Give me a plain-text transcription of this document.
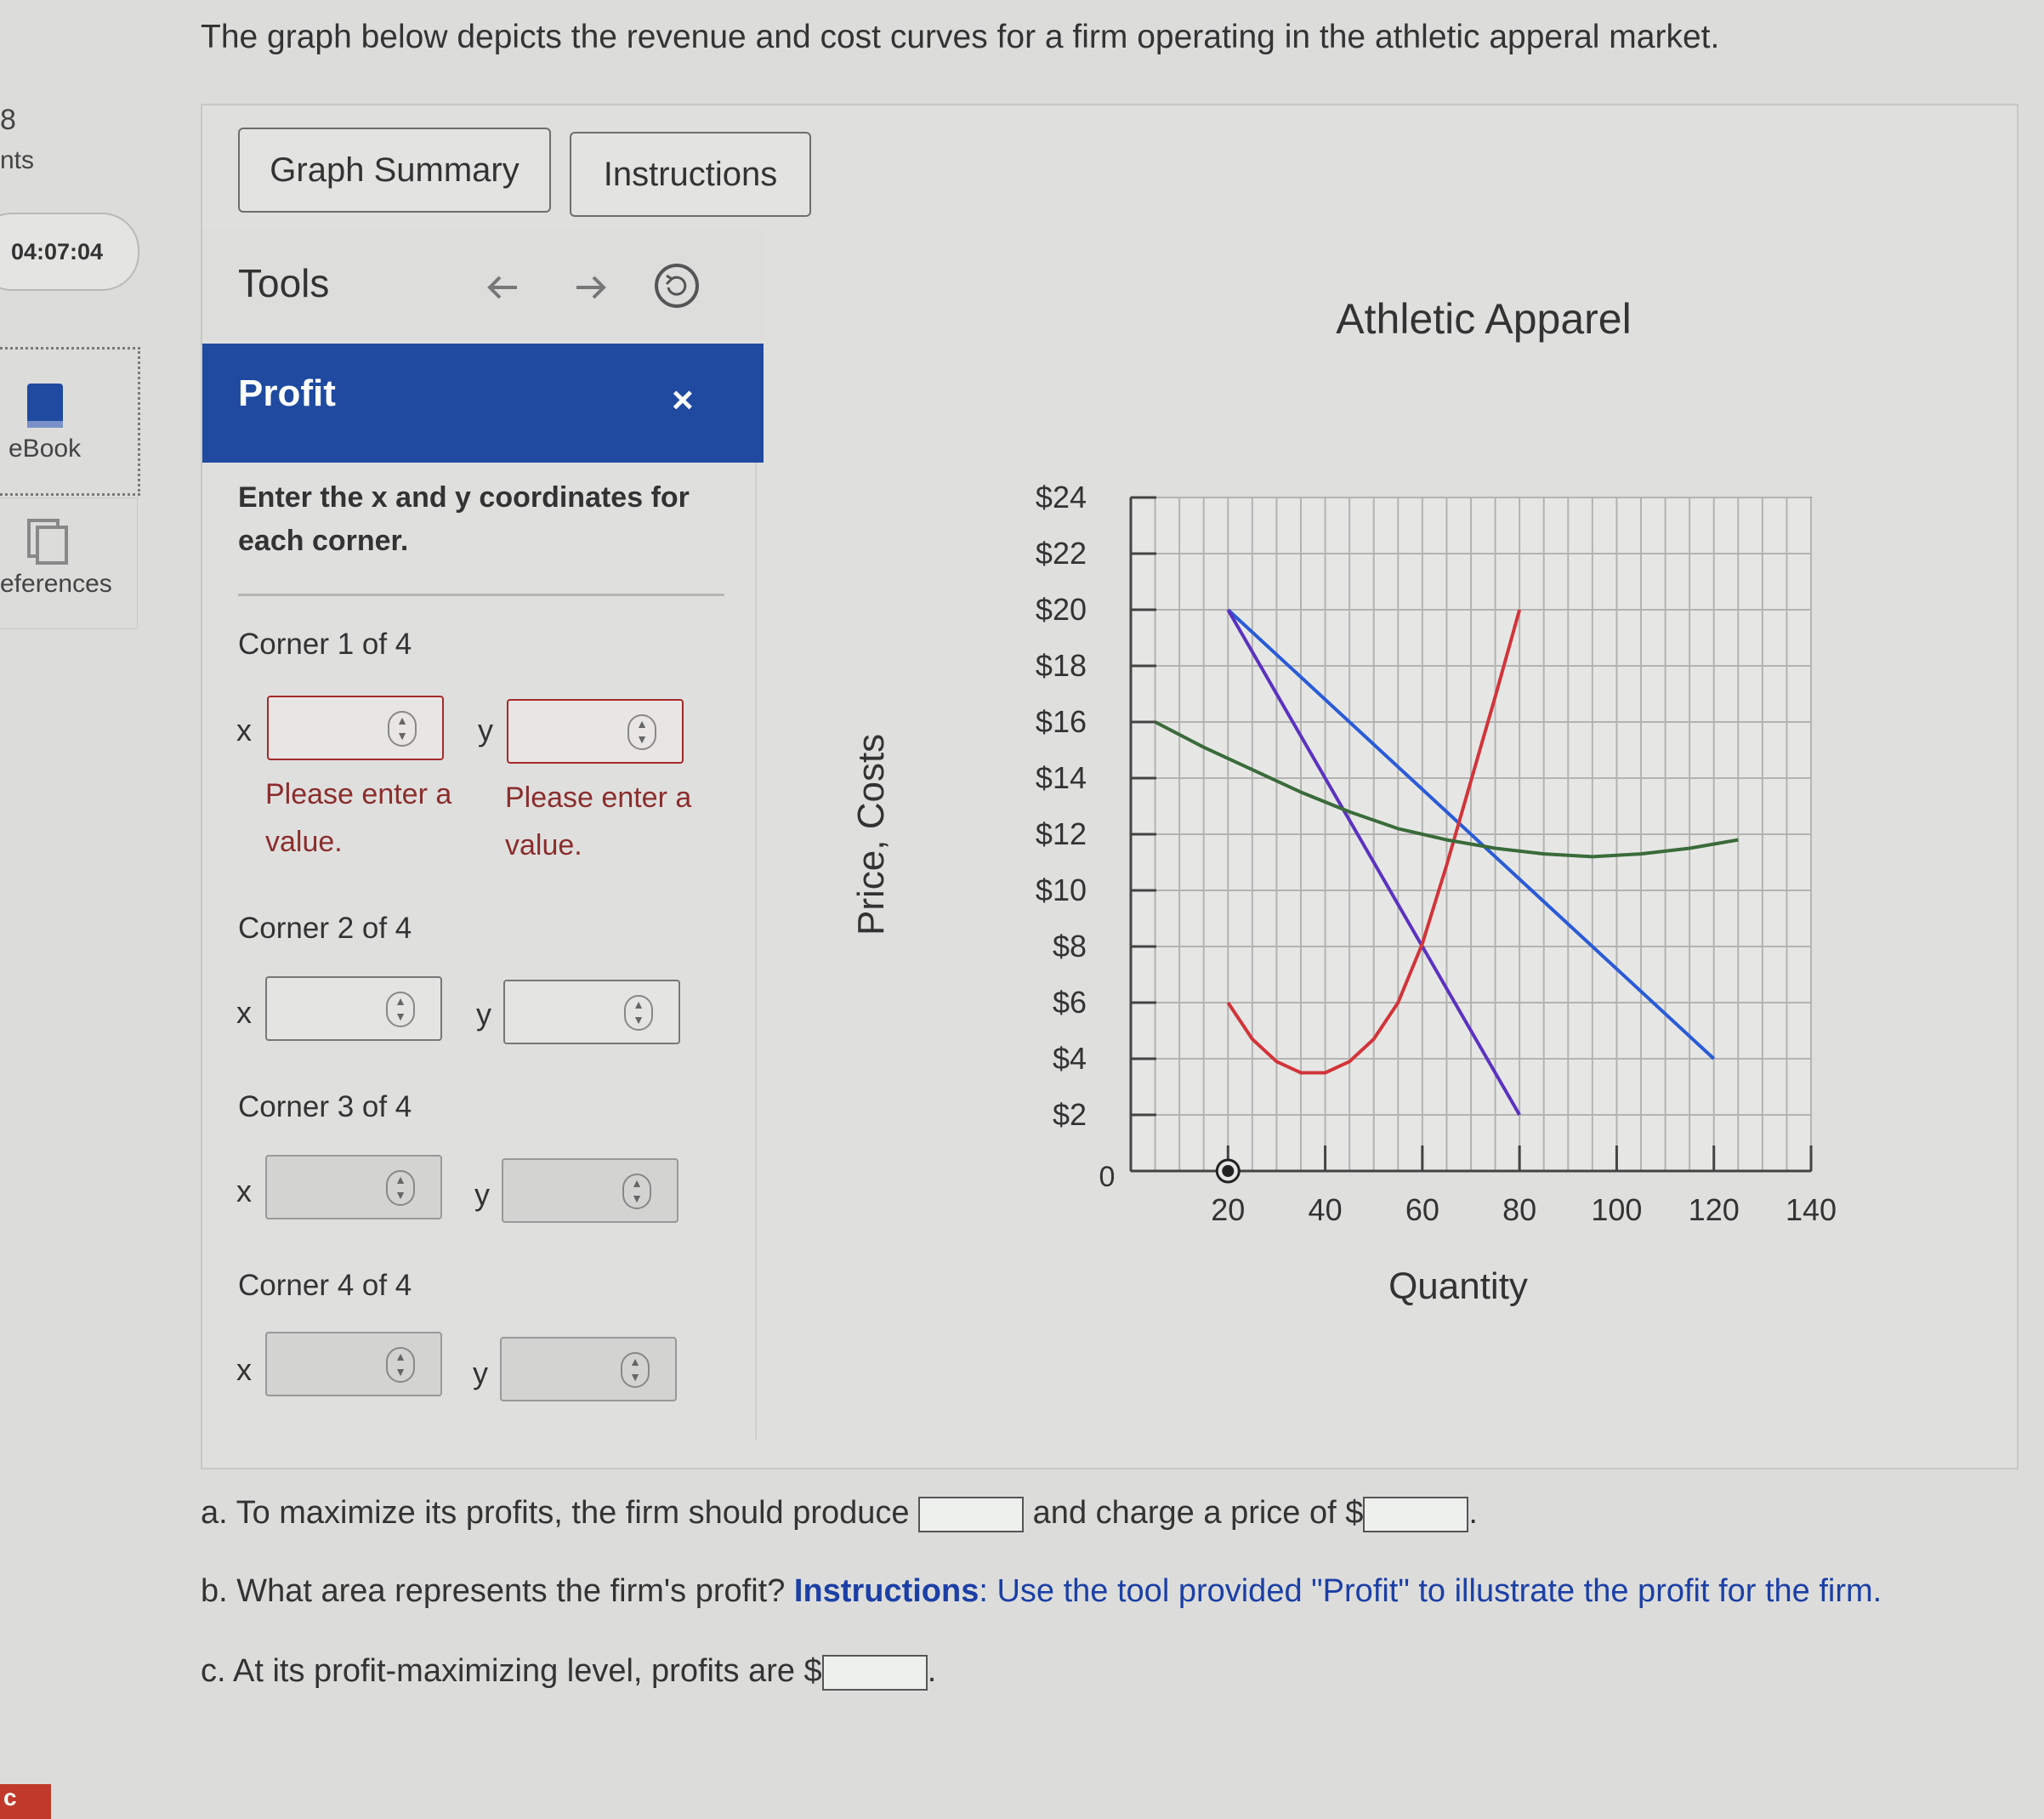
8
nts
04:07:04
eBook
eferences
c
The graph below depicts the revenue and cost curves for a firm operating in the athletic apperal market.
Graph Summary	Instructions
Tools
Profit	×
Enter the x and y coordinates for each corner.
Corner 1 of 4
x	▲
▼ y	▲
▼
Please enter a value.
Please enter a value.
Corner 2 of 4
x	▲
▼ y	▲
▼
Corner 3 of 4
x	▲
▼ y	▲
▼
Corner 4 of 4
x	▲
▼ y	▲
▼
Price, Costs
Athletic Apparel
$2
$4
$6
$8
$10
$12
$14
$16
$18
$20
$22
$24
20 40 60 80 100 120 140
0
Quantity
a. To maximize its profits, the firm should produce	and charge a price of $	.
b. What area represents the firm's profit? Instructions: Use the tool provided "Profit" to illustrate the profit for the firm.
c. At its profit-maximizing level, profits are $	.
